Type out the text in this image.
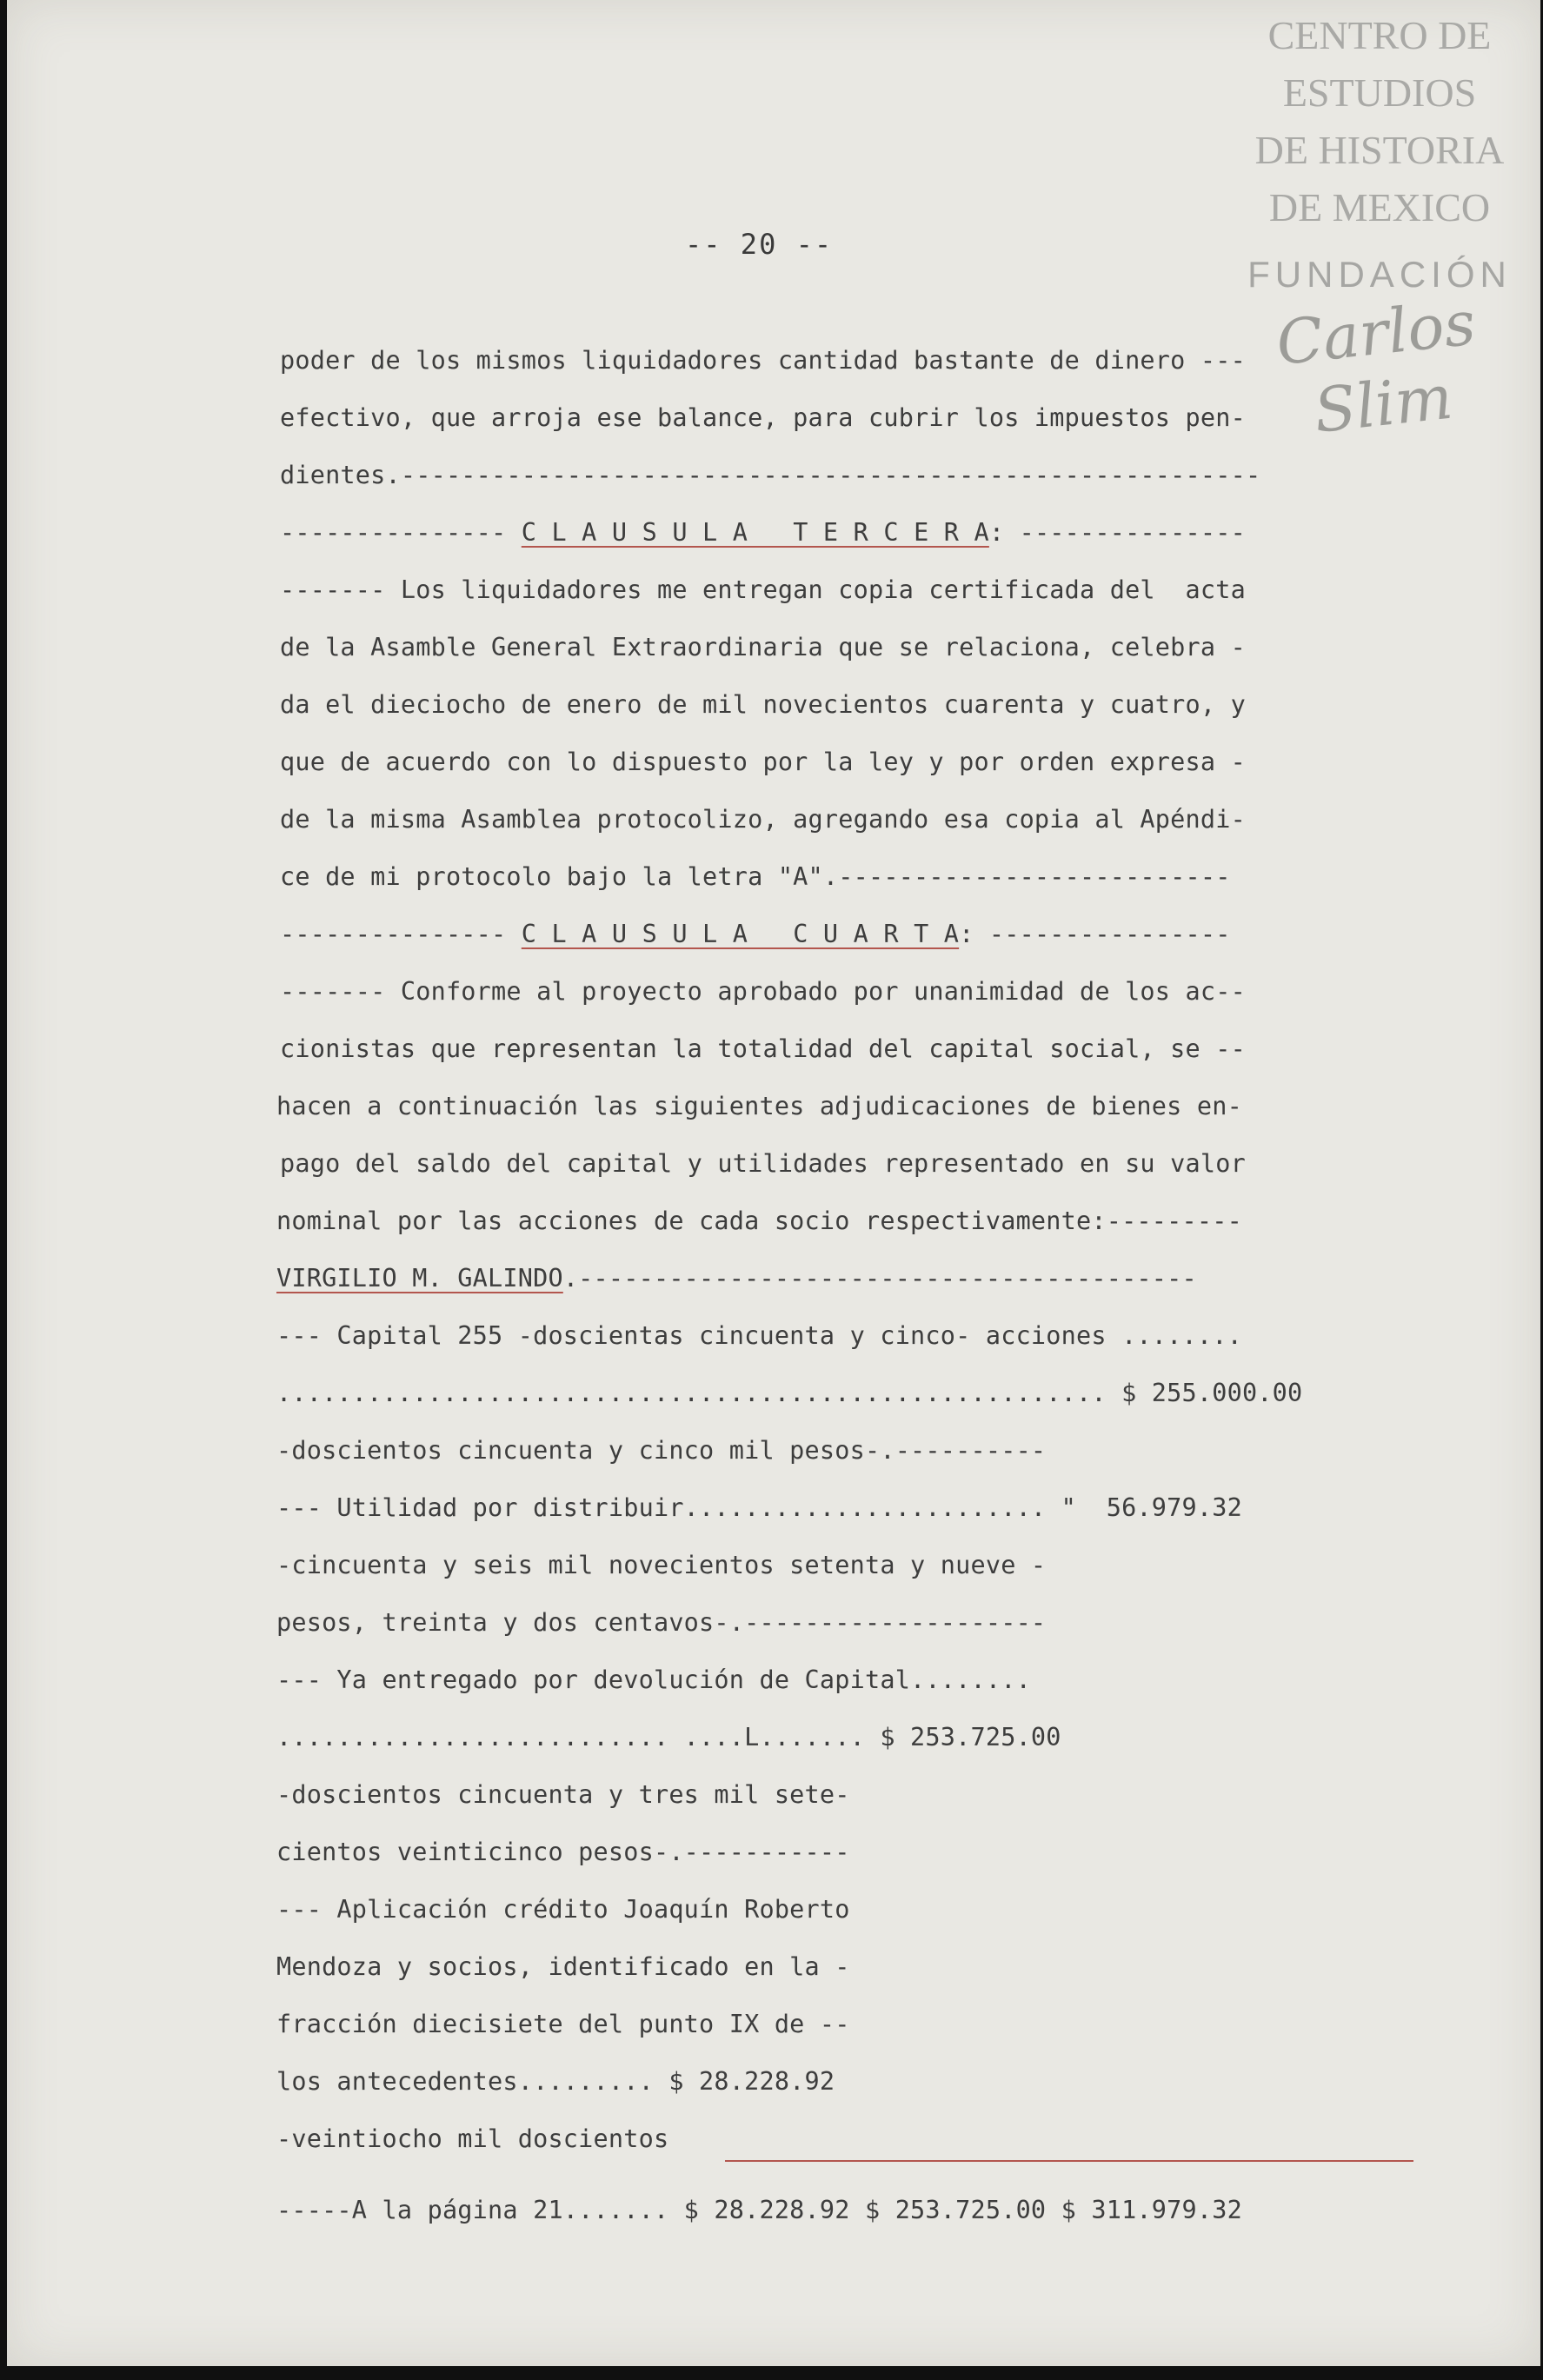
CENTRO DE
ESTUDIOS
DE HISTORIA
DE MEXICO
FUNDACIÓN
Carlos Slim
-- 20 --
poder de los mismos liquidadores cantidad bastante de dinero ---
efectivo, que arroja ese balance, para cubrir los impuestos pen-
dientes.---------------------------------------------------------
--------------- C L A U S U L A   T E R C E R A: ---------------
------- Los liquidadores me entregan copia certificada del  acta
de la Asamble General Extraordinaria que se relaciona, celebra -
da el dieciocho de enero de mil novecientos cuarenta y cuatro, y
que de acuerdo con lo dispuesto por la ley y por orden expresa -
de la misma Asamblea protocolizo, agregando esa copia al Apéndi-
ce de mi protocolo bajo la letra "A".--------------------------
--------------- C L A U S U L A   C U A R T A: ----------------
------- Conforme al proyecto aprobado por unanimidad de los ac--
cionistas que representan la totalidad del capital social, se --
hacen a continuación las siguientes adjudicaciones de bienes en-
pago del saldo del capital y utilidades representado en su valor
nominal por las acciones de cada socio respectivamente:---------
VIRGILIO M. GALINDO.-----------------------------------------
--- Capital 255 -doscientas cincuenta y cinco- acciones ........
....................................................... $ 255.000.00
-doscientos cincuenta y cinco mil pesos-.----------
--- Utilidad por distribuir........................ "  56.979.32
-cincuenta y seis mil novecientos setenta y nueve -
pesos, treinta y dos centavos-.--------------------
--- Ya entregado por devolución de Capital........
.......................... ....L....... $ 253.725.00
-doscientos cincuenta y tres mil sete-
cientos veinticinco pesos-.-----------
--- Aplicación crédito Joaquín Roberto
Mendoza y socios, identificado en la -
fracción diecisiete del punto IX de --
los antecedentes......... $ 28.228.92
-veintiocho mil doscientos
-----A la página 21....... $ 28.228.92 $ 253.725.00 $ 311.979.32
